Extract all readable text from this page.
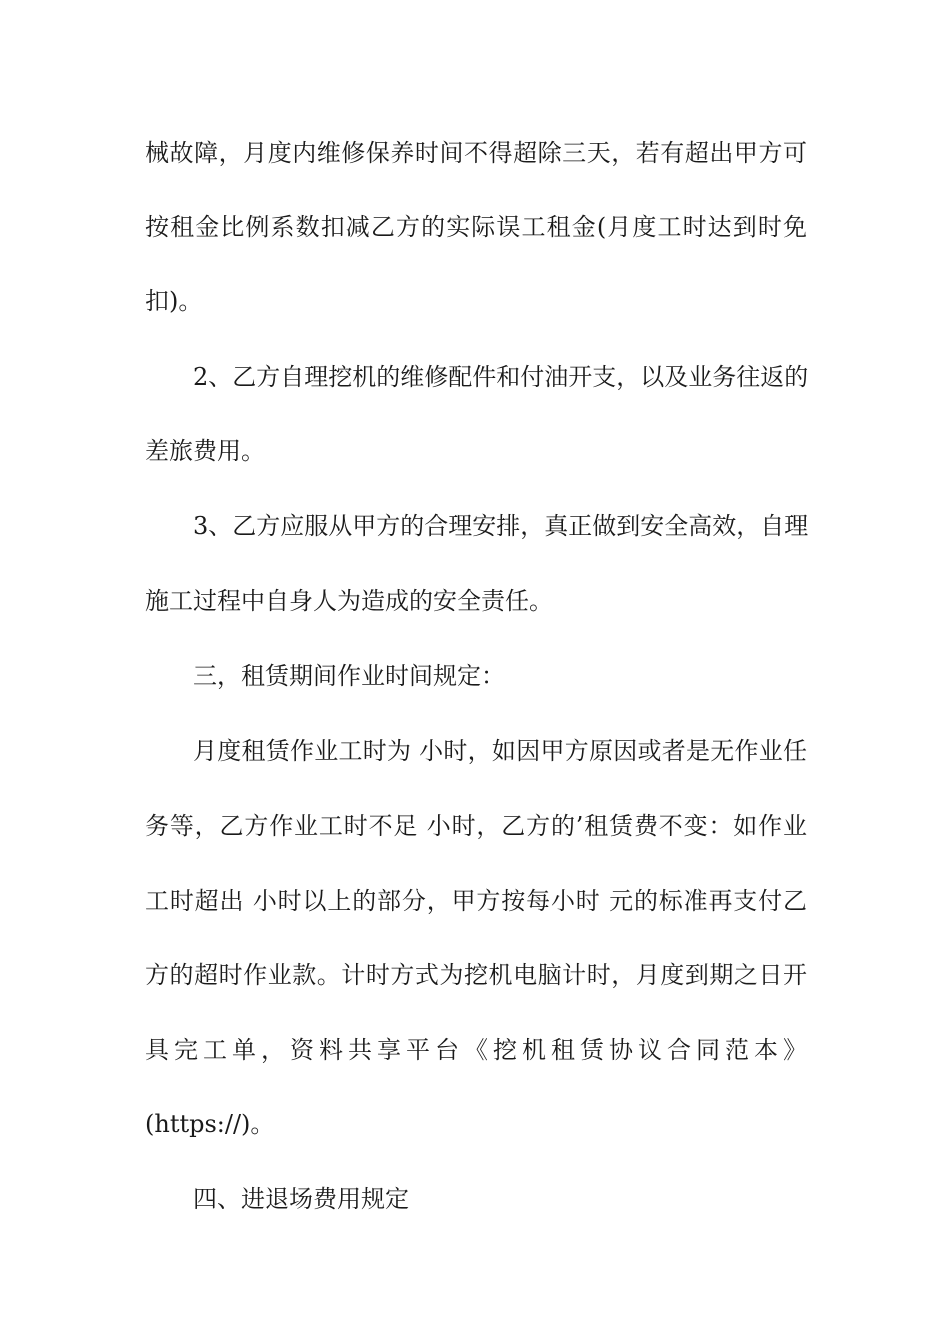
械故障，月度内维修保养时间不得超除三天，若有超出甲方可
按租金比例系数扣减乙方的实际误工租金(月度工时达到时免
扣)。
2、乙方自理挖机的维修配件和付油开支，以及业务往返的
差旅费用。
3、乙方应服从甲方的合理安排，真正做到安全高效，自理
施工过程中自身人为造成的安全责任。
三，租赁期间作业时间规定：
月度租赁作业工时为 小时，如因甲方原因或者是无作业任
务等，乙方作业工时不足 小时，乙方的’租赁费不变：如作业
工时超出 小时以上的部分，甲方按每小时 元的标准再支付乙
方的超时作业款。计时方式为挖机电脑计时，月度到期之日开
具完工单，资料共享平台《挖机租赁协议合同范本》
(https://)。
四、进退场费用规定
